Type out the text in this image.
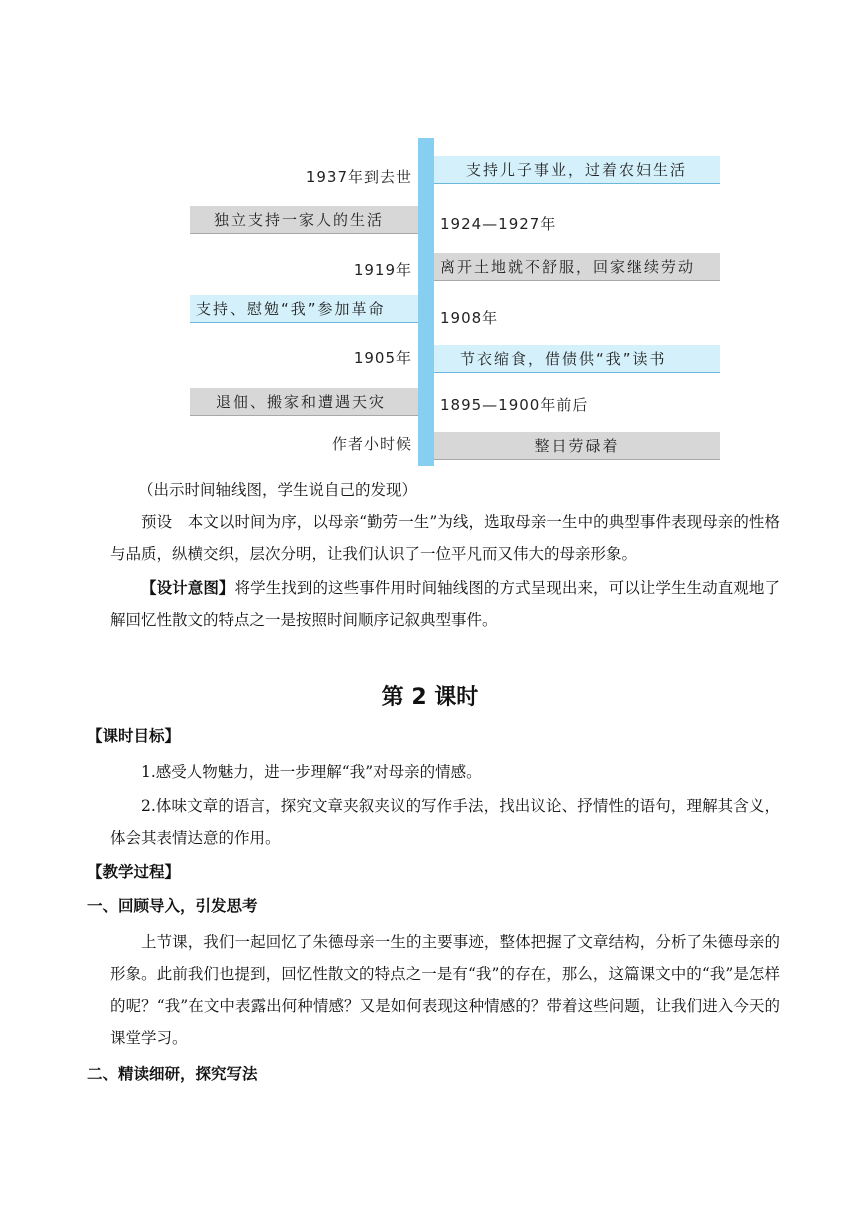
支持儿子事业，过着农妇生活
离开土地就不舒服，回家继续劳动
节衣缩食，借债供“我”读书
整日劳碌着
独立支持一家人的生活
支持、慰勉“我”参加革命
退佃、搬家和遭遇天灾
1937年到去世
1919年
1905年
作者小时候
1924—1927年
1908年
1895—1900年前后
（出示时间轴线图，学生说自己的发现）
预设　本文以时间为序，以母亲“勤劳一生”为线，选取母亲一生中的典型事件表现母亲的性格与品质，纵横交织，层次分明，让我们认识了一位平凡而又伟大的母亲形象。
【设计意图】将学生找到的这些事件用时间轴线图的方式呈现出来，可以让学生生动直观地了解回忆性散文的特点之一是按照时间顺序记叙典型事件。
第 2 课时
【课时目标】
1.感受人物魅力，进一步理解“我”对母亲的情感。
2.体味文章的语言，探究文章夹叙夹议的写作手法，找出议论、抒情性的语句，理解其含义，体会其表情达意的作用。
【教学过程】
一、回顾导入，引发思考
上节课，我们一起回忆了朱德母亲一生的主要事迹，整体把握了文章结构，分析了朱德母亲的形象。此前我们也提到，回忆性散文的特点之一是有“我”的存在，那么，这篇课文中的“我”是怎样的呢？“我”在文中表露出何种情感？又是如何表现这种情感的？带着这些问题，让我们进入今天的课堂学习。
二、精读细研，探究写法
